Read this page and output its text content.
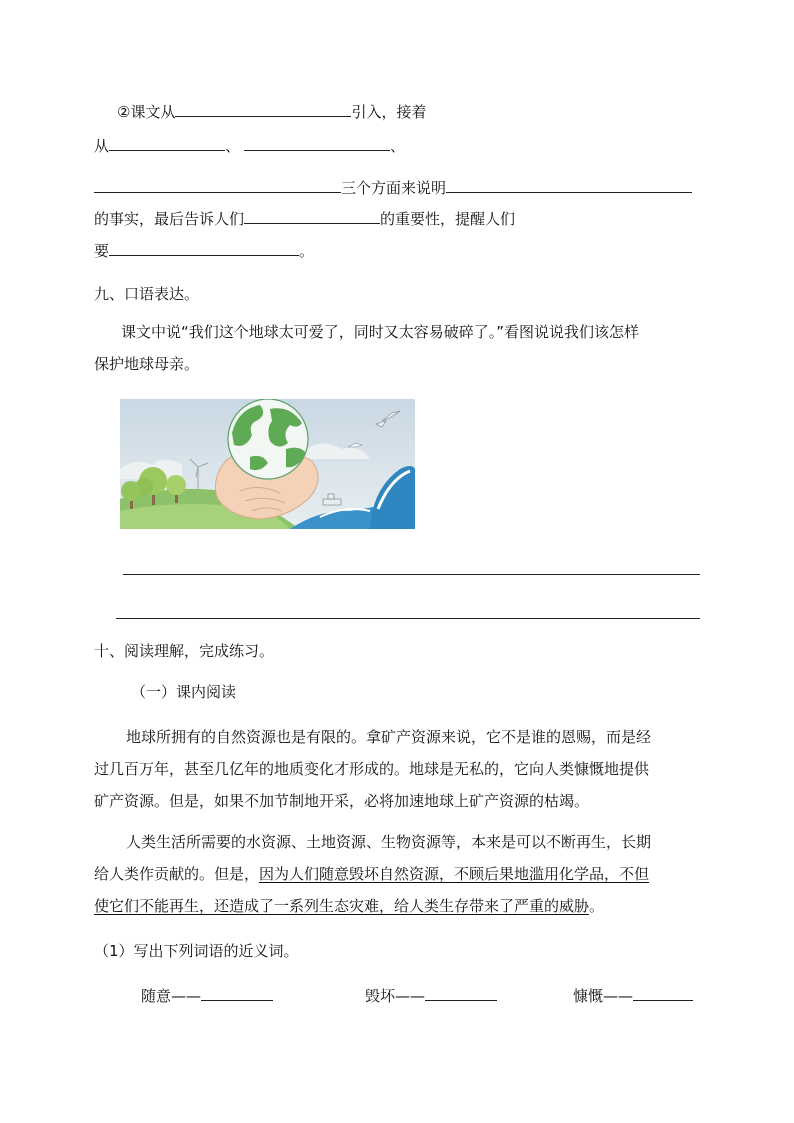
②课文从	引入，接着
从	、	、
三个方面来说明
的事实，最后告诉人们	的重要性，提醒人们
要	。
九、口语表达。
课文中说“我们这个地球太可爱了，同时又太容易破碎了。”看图说说我们该怎样
保护地球母亲。
十、阅读理解，完成练习。
（一）课内阅读
地球所拥有的自然资源也是有限的。拿矿产资源来说，它不是谁的恩赐，而是经
过几百万年，甚至几亿年的地质变化才形成的。地球是无私的，它向人类慷慨地提供
矿产资源。但是，如果不加节制地开采，必将加速地球上矿产资源的枯竭。
人类生活所需要的水资源、土地资源、生物资源等，本来是可以不断再生，长期
给人类作贡献的。但是，因为人们随意毁坏自然资源，不顾后果地滥用化学品，不但
使它们不能再生，还造成了一系列生态灾难，给人类生存带来了严重的威胁。
（1）写出下列词语的近义词。
随意——	毁坏——	慷慨——
